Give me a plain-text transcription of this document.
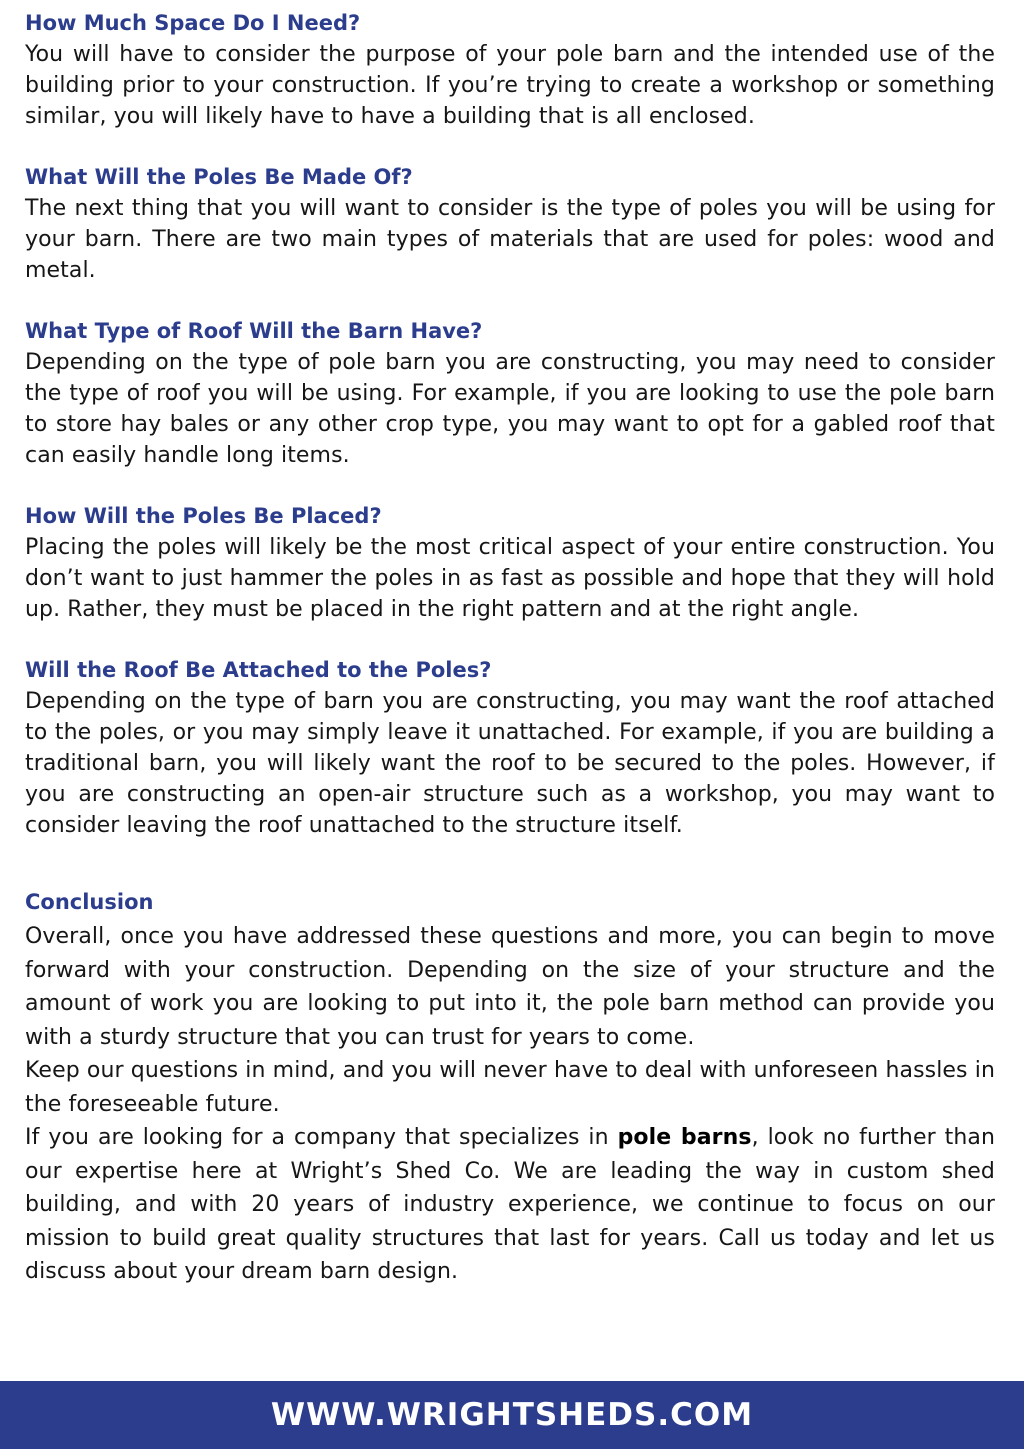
How Much Space Do I Need?

You will have to consider the purpose of your pole barn and the intended use of the building prior to your construction. If you’re trying to create a workshop or something similar, you will likely have to have a building that is all enclosed.

What Will the Poles Be Made Of?

The next thing that you will want to consider is the type of poles you will be using for your barn. There are two main types of materials that are used for poles: wood and metal.

What Type of Roof Will the Barn Have?

Depending on the type of pole barn you are constructing, you may need to consider the type of roof you will be using. For example, if you are looking to use the pole barn to store hay bales or any other crop type, you may want to opt for a gabled roof that can easily handle long items.

How Will the Poles Be Placed?

Placing the poles will likely be the most critical aspect of your entire construction. You don’t want to just hammer the poles in as fast as possible and hope that they will hold up. Rather, they must be placed in the right pattern and at the right angle.

Will the Roof Be Attached to the Poles?

Depending on the type of barn you are constructing, you may want the roof attached to the poles, or you may simply leave it unattached. For example, if you are building a traditional barn, you will likely want the roof to be secured to the poles. However, if you are constructing an open-air structure such as a workshop, you may want to consider leaving the roof unattached to the structure itself.

Conclusion

Overall, once you have addressed these questions and more, you can begin to move forward with your construction. Depending on the size of your structure and the amount of work you are looking to put into it, the pole barn method can provide you with a sturdy structure that you can trust for years to come.

Keep our questions in mind, and you will never have to deal with unforeseen hassles in the foreseeable future.

If you are looking for a company that specializes in pole barns, look no further than our expertise here at Wright’s Shed Co. We are leading the way in custom shed building, and with 20 years of industry experience, we continue to focus on our mission to build great quality structures that last for years. Call us today and let us discuss about your dream barn design.

WWW.WRIGHTSHEDS.COM
